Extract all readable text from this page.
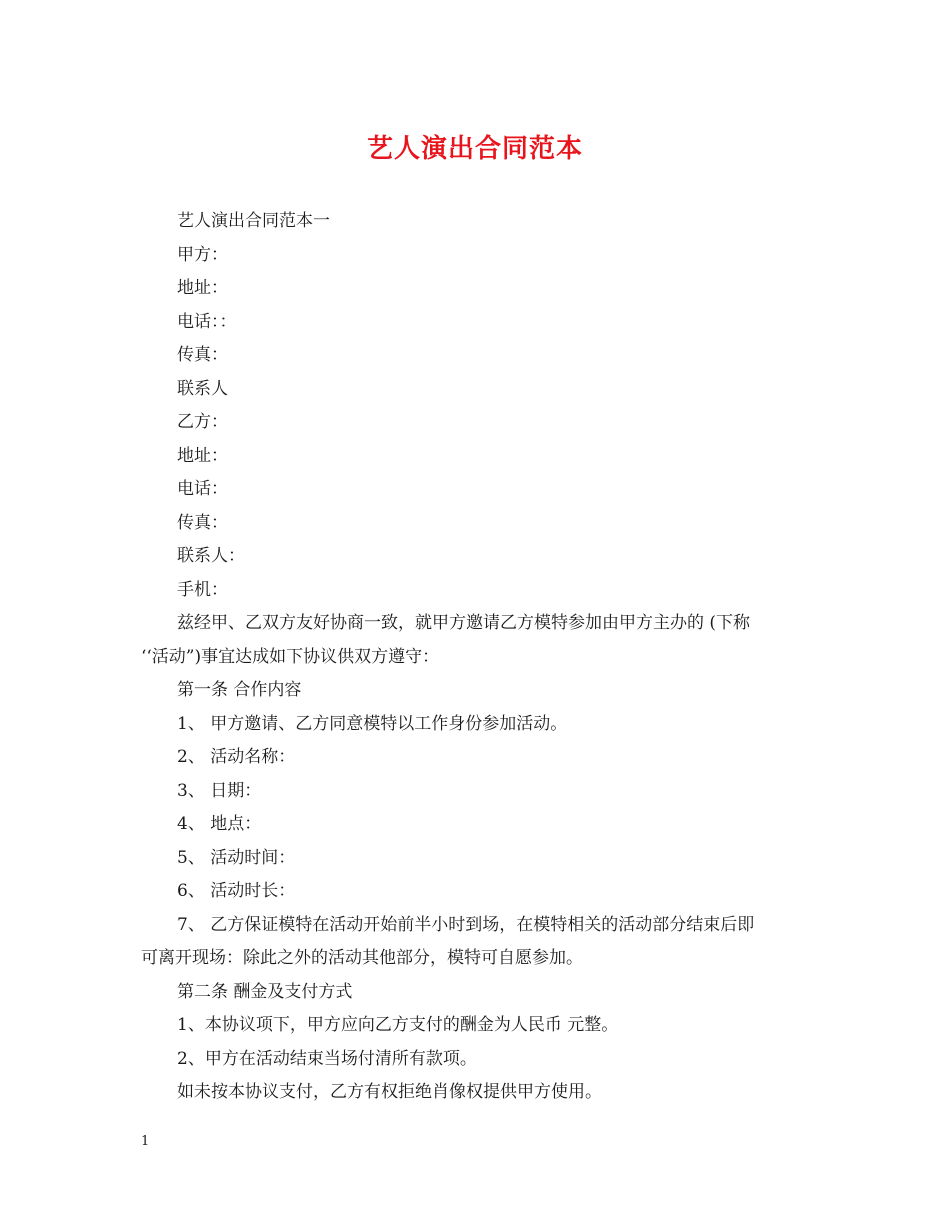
艺人演出合同范本
艺人演出合同范本一
甲方：
地址：
电话：：
传真：
联系人
乙方：
地址：
电话：
传真：
联系人：
手机：
兹经甲、乙双方友好协商一致，就甲方邀请乙方模特参加由甲方主办的 (下称
‘‘活动”)事宜达成如下协议供双方遵守：
第一条 合作内容
1、 甲方邀请、乙方同意模特以工作身份参加活动。
2、 活动名称：
3、 日期：
4、 地点：
5、 活动时间：
6、 活动时长：
7、 乙方保证模特在活动开始前半小时到场，在模特相关的活动部分结束后即
可离开现场：除此之外的活动其他部分，模特可自愿参加。
第二条 酬金及支付方式
1、本协议项下，甲方应向乙方支付的酬金为人民币 元整。
2、甲方在活动结束当场付清所有款项。
如未按本协议支付，乙方有权拒绝肖像权提供甲方使用。
1
